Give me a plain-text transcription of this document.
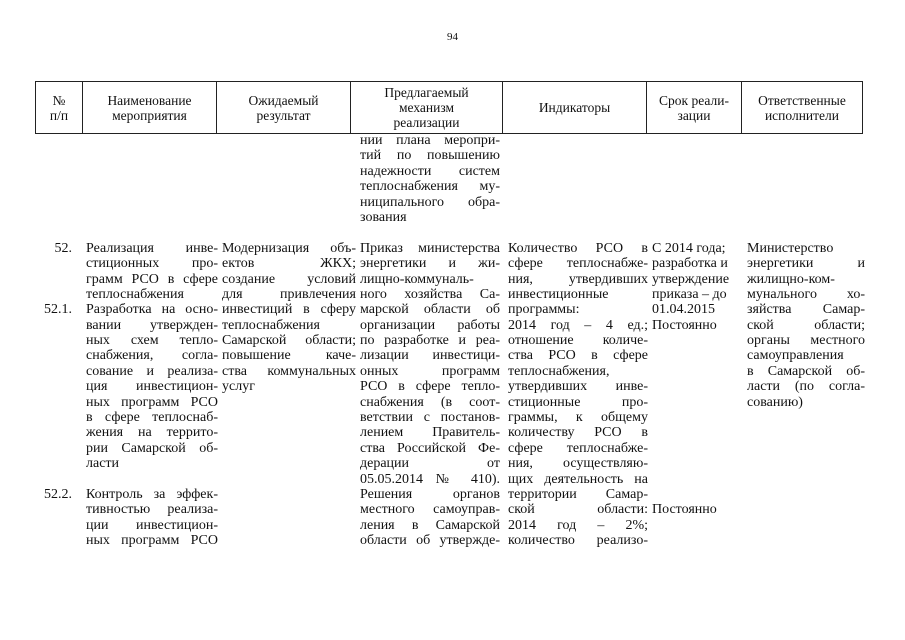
94
№
п/п
Наименование
мероприятия
Ожидаемый
результат
Предлагаемый
механизм
реализации
Индикаторы	Срок реали-
зации
Ответственные
исполнители
52.
52.1.
52.2.
Реализация инве-
стиционных про-
грамм РСО в сфере
теплоснабжения
Разработка на осно-
вании утвержден-
ных схем тепло-
снабжения, согла-
сование и реализа-
ция инвестицион-
ных программ РСО
в сфере теплоснаб-
жения на террито-
рии Самарской об-
ласти
Контроль за эффек-
тивностью реализа-
ции инвестицион-
ных программ РСО
Модернизация объ-
ектов ЖКХ;
создание условий
для привлечения
инвестиций в сферу
теплоснабжения
Самарской области;
повышение каче-
ства коммунальных
услуг
нии плана меропри-
тий по повышению
надежности систем
теплоснабжения му-
ниципального обра-
зования
Приказ министерства
энергетики и жи-
лищно-коммуналь-
ного хозяйства Са-
марской области об
организации работы
по разработке и реа-
лизации инвестици-
онных программ
РСО в сфере тепло-
снабжения (в соот-
ветствии с постанов-
лением Правитель-
ства Российской Фе-
дерации от
05.05.2014 № 410).
Решения органов
местного самоуправ-
ления в Самарской
области об утвержде-
Количество РСО в
сфере теплоснабже-
ния, утвердивших
инвестиционные
программы:
2014 год – 4 ед.;
отношение количе-
ства РСО в сфере
теплоснабжения,
утвердивших инве-
стиционные про-
граммы, к общему
количеству РСО в
сфере теплоснабже-
ния, осуществляю-
щих деятельность на
территории Самар-
ской области:
2014 год – 2%;
количество реализо-
С 2014 года;
разработка и
утверждение
приказа – до
01.04.2015
Постоянно
Постоянно
Министерство
энергетики и
жилищно-ком-
мунального хо-
зяйства Самар-
ской области;
органы местного
самоуправления
в Самарской об-
ласти (по согла-
сованию)
